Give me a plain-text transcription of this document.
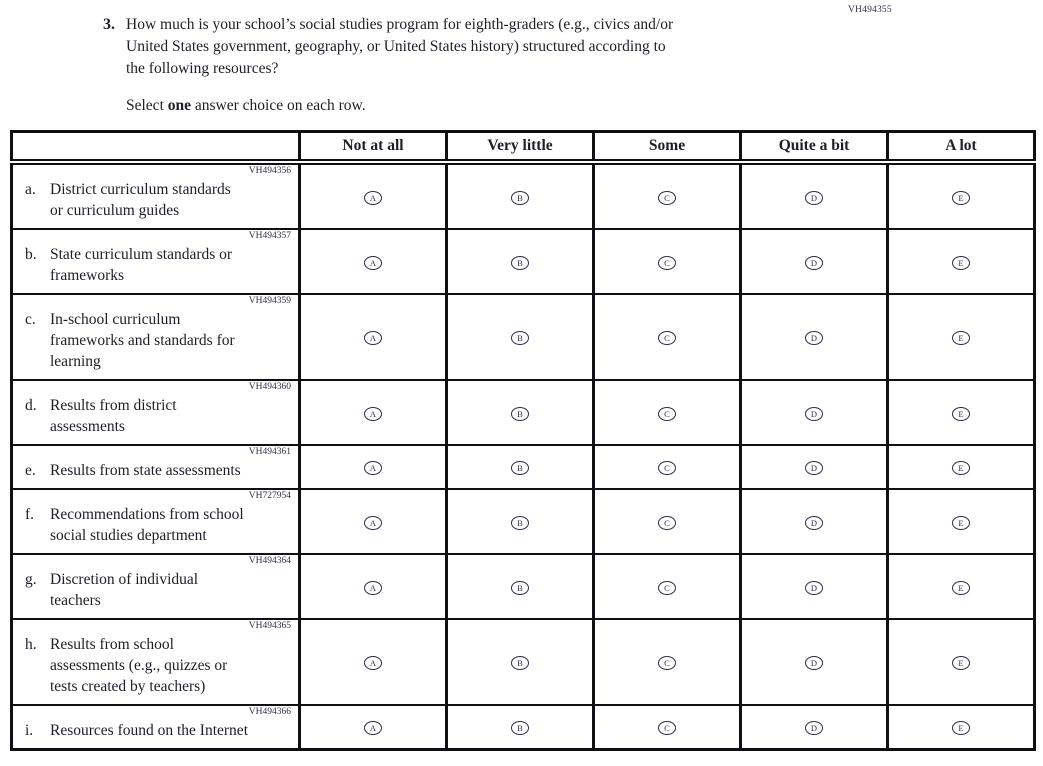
VH494355
3. How much is your school’s social studies program for eighth-graders (e.g., civics and/or
United States government, geography, or United States history) structured according to
the following resources?
Select one answer choice on each row.
	Not at all	Very little	Some	Quite a bit	A lot

VH494356
a. District curriculum standards
or curriculum guides	A	B	C	D	E

VH494357
b. State curriculum standards or
frameworks	A	B	C	D	E

VH494359
c. In-school curriculum
frameworks and standards for
learning	A	B	C	D	E

VH494360
d. Results from district
assessments	A	B	C	D	E

VH494361
e. Results from state assessments	A	B	C	D	E

VH727954
f. Recommendations from school
social studies department	A	B	C	D	E

VH494364
g. Discretion of individual
teachers	A	B	C	D	E

VH494365
h. Results from school
assessments (e.g., quizzes or
tests created by teachers)	A	B	C	D	E

VH494366
i. Resources found on the Internet	A	B	C	D	E
